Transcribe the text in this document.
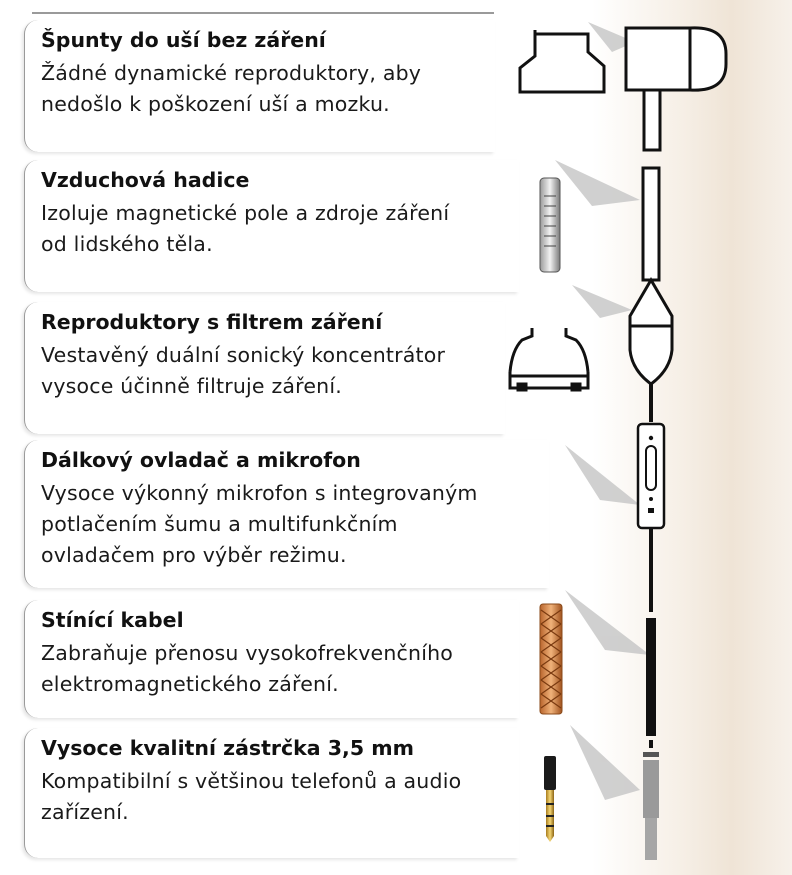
Špunty do uší bez záření
Žádné dynamické reproduktory, aby
nedošlo k poškození uší a mozku.
Vzduchová hadice
Izoluje magnetické pole a zdroje záření
od lidského těla.
Reproduktory s filtrem záření
Vestavěný duální sonický koncentrátor
vysoce účinně filtruje záření.
Dálkový ovladač a mikrofon
Vysoce výkonný mikrofon s integrovaným
potlačením šumu a multifunkčním
ovladačem pro výběr režimu.
Stínící kabel
Zabraňuje přenosu vysokofrekvenčního
elektromagnetického záření.
Vysoce kvalitní zástrčka 3,5 mm
Kompatibilní s většinou telefonů a audio
zařízení.
